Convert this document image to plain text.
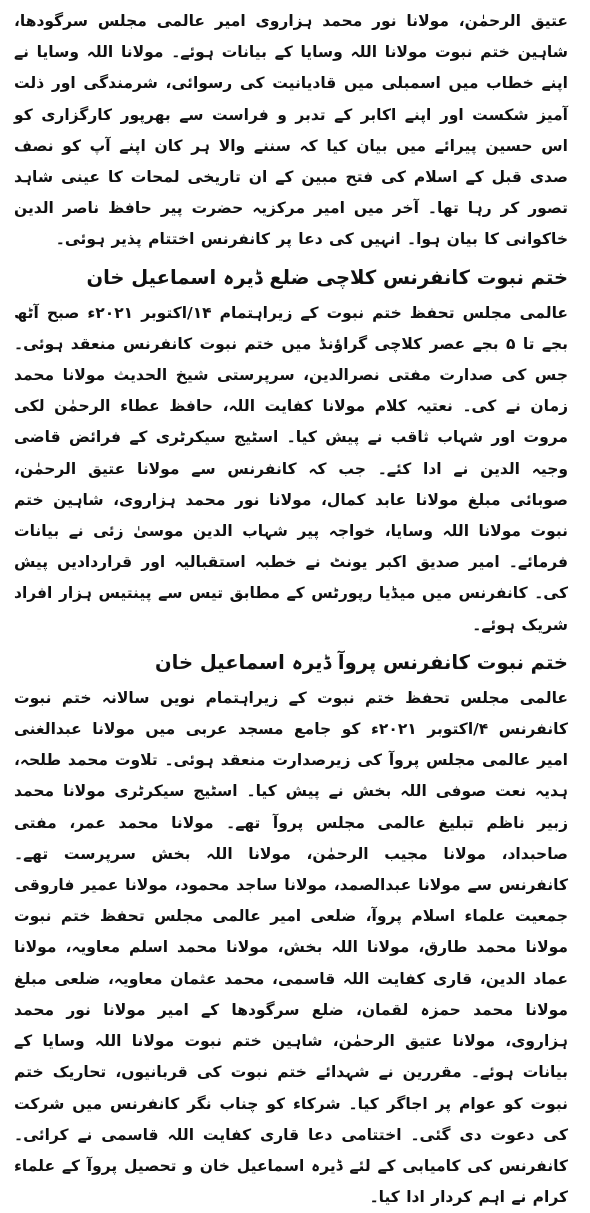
عتیق الرحمٰن، مولانا نور محمد ہزاروی امیر عالمی مجلس سرگودھا، شاہین ختم نبوت مولانا اللہ وسایا کے بیانات ہوئے۔ مولانا اللہ وسایا نے اپنے خطاب میں اسمبلی میں قادیانیت کی رسوائی، شرمندگی اور ذلت آمیز شکست اور اپنے اکابر کے تدبر و فراست سے بھرپور کارگزاری کو اس حسین پیرائے میں بیان کیا کہ سننے والا ہر کان اپنے آپ کو نصف صدی قبل کے اسلام کی فتح مبین کے ان تاریخی لمحات کا عینی شاہد تصور کر رہا تھا۔ آخر میں امیر مرکزیہ حضرت پیر حافظ ناصر الدین خاکوانی کا بیان ہوا۔ انہیں کی دعا پر کانفرنس اختتام پذیر ہوئی۔

ختم نبوت کانفرنس کلاچی ضلع ڈیرہ اسماعیل خان

عالمی مجلس تحفظ ختم نبوت کے زیراہتمام ۱۴/اکتوبر ۲۰۲۱ء صبح آٹھ بجے تا ۵ بجے عصر کلاچی گراؤنڈ میں ختم نبوت کانفرنس منعقد ہوئی۔ جس کی صدارت مفتی نصرالدین، سرپرستی شیخ الحدیث مولانا محمد زمان نے کی۔ نعتیہ کلام مولانا کفایت اللہ، حافظ عطاء الرحمٰن لکی مروت اور شہاب ثاقب نے پیش کیا۔ اسٹیج سیکرٹری کے فرائض قاضی وجیہ الدین نے ادا کئے۔ جب کہ کانفرنس سے مولانا عتیق الرحمٰن، صوبائی مبلغ مولانا عابد کمال، مولانا نور محمد ہزاروی، شاہین ختم نبوت مولانا اللہ وسایا، خواجہ پیر شہاب الدین موسیٰ زئی نے بیانات فرمائے۔ امیر صدیق اکبر یونٹ نے خطبہ استقبالیہ اور قراردادیں پیش کی۔ کانفرنس میں میڈیا رپورٹس کے مطابق تیس سے پینتیس ہزار افراد شریک ہوئے۔

ختم نبوت کانفرنس پروآ ڈیرہ اسماعیل خان

عالمی مجلس تحفظ ختم نبوت کے زیراہتمام نویں سالانہ ختم نبوت کانفرنس ۴/اکتوبر ۲۰۲۱ء کو جامع مسجد عربی میں مولانا عبدالغنی امیر عالمی مجلس پروآ کی زیرصدارت منعقد ہوئی۔ تلاوت محمد طلحہ، ہدیہ نعت صوفی اللہ بخش نے پیش کیا۔ اسٹیج سیکرٹری مولانا محمد زبیر ناظم تبلیغ عالمی مجلس پروآ تھے۔ مولانا محمد عمر، مفتی صاحبداد، مولانا مجیب الرحمٰن، مولانا اللہ بخش سرپرست تھے۔ کانفرنس سے مولانا عبدالصمد، مولانا ساجد محمود، مولانا عمیر فاروقی جمعیت علماء اسلام پروآ، ضلعی امیر عالمی مجلس تحفظ ختم نبوت مولانا محمد طارق، مولانا اللہ بخش، مولانا محمد اسلم معاویہ، مولانا عماد الدین، قاری کفایت اللہ قاسمی، محمد عثمان معاویہ، ضلعی مبلغ مولانا محمد حمزہ لقمان، ضلع سرگودھا کے امیر مولانا نور محمد ہزاروی، مولانا عتیق الرحمٰن، شاہین ختم نبوت مولانا اللہ وسایا کے بیانات ہوئے۔ مقررین نے شہدائے ختم نبوت کی قربانیوں، تحاریک ختم نبوت کو عوام پر اجاگر کیا۔ شرکاء کو چناب نگر کانفرنس میں شرکت کی دعوت دی گئی۔ اختتامی دعا قاری کفایت اللہ قاسمی نے کرائی۔ کانفرنس کی کامیابی کے لئے ڈیرہ اسماعیل خان و تحصیل پروآ کے علماء کرام نے اہم کردار ادا کیا۔
